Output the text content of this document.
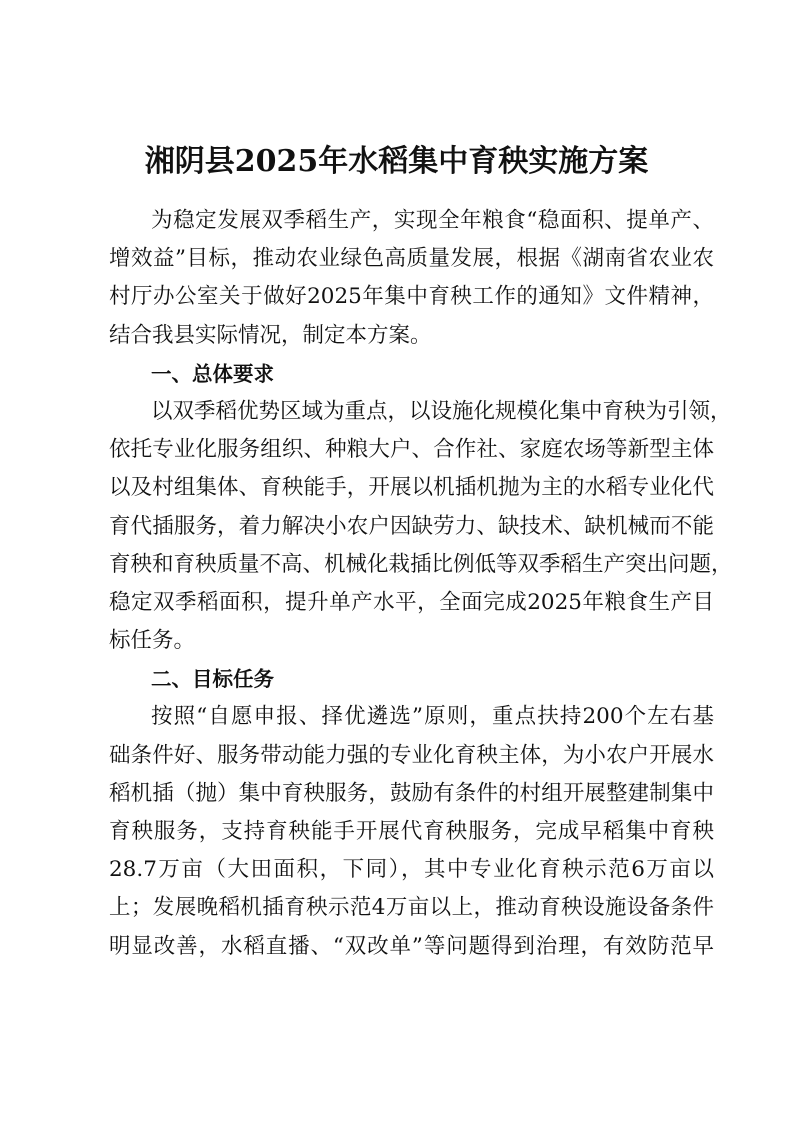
湘阴县2025年水稻集中育秧实施方案
为稳定发展双季稻生产，实现全年粮食“稳面积、提单产、
增效益”目标，推动农业绿色高质量发展，根据《湖南省农业农
村厅办公室关于做好2025年集中育秧工作的通知》文件精神，
结合我县实际情况，制定本方案。
一、总体要求
以双季稻优势区域为重点，以设施化规模化集中育秧为引领，
依托专业化服务组织、种粮大户、合作社、家庭农场等新型主体
以及村组集体、育秧能手，开展以机插机抛为主的水稻专业化代
育代插服务，着力解决小农户因缺劳力、缺技术、缺机械而不能
育秧和育秧质量不高、机械化栽插比例低等双季稻生产突出问题，
稳定双季稻面积，提升单产水平，全面完成2025年粮食生产目
标任务。
二、目标任务
按照“自愿申报、择优遴选”原则，重点扶持200个左右基
础条件好、服务带动能力强的专业化育秧主体，为小农户开展水
稻机插（抛）集中育秧服务，鼓励有条件的村组开展整建制集中
育秧服务，支持育秧能手开展代育秧服务，完成早稻集中育秧
28.7万亩（大田面积，下同），其中专业化育秧示范6万亩以
上；发展晚稻机插育秧示范4万亩以上，推动育秧设施设备条件
明显改善，水稻直播、“双改单”等问题得到治理，有效防范早
